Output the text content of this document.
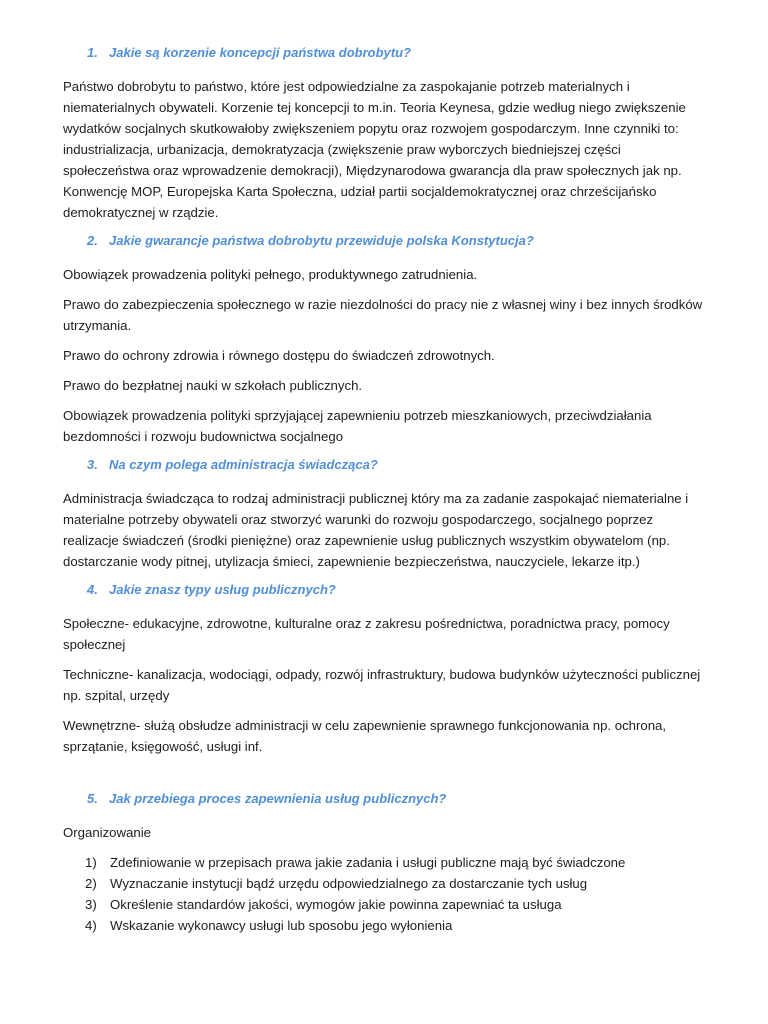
1. Jakie są korzenie koncepcji państwa dobrobytu?

Państwo dobrobytu to państwo, które jest odpowiedzialne za zaspokajanie potrzeb materialnych i niematerialnych obywateli. Korzenie tej koncepcji to m.in. Teoria Keynesa, gdzie według niego zwiększenie wydatków socjalnych skutkowałoby zwiększeniem popytu oraz rozwojem gospodarczym. Inne czynniki to: industrializacja, urbanizacja, demokratyzacja (zwiększenie praw wyborczych biedniejszej części społeczeństwa oraz wprowadzenie demokracji), Międzynarodowa gwarancja dla praw społecznych jak np. Konwencję MOP, Europejska Karta Społeczna, udział partii socjaldemokratycznej oraz chrześcijańsko demokratycznej w rządzie.

2. Jakie gwarancje państwa dobrobytu przewiduje polska Konstytucja?

Obowiązek prowadzenia polityki pełnego, produktywnego zatrudnienia.

Prawo do zabezpieczenia społecznego w razie niezdolności do pracy nie z własnej winy i bez innych środków utrzymania.

Prawo do ochrony zdrowia i równego dostępu do świadczeń zdrowotnych.

Prawo do bezpłatnej nauki w szkołach publicznych.

Obowiązek prowadzenia polityki sprzyjającej zapewnieniu potrzeb mieszkaniowych, przeciwdziałania bezdomności i rozwoju budownictwa socjalnego

3. Na czym polega administracja świadcząca?

Administracja świadcząca to rodzaj administracji publicznej który ma za zadanie zaspokajać niematerialne i materialne potrzeby obywateli oraz stworzyć warunki do rozwoju gospodarczego, socjalnego poprzez realizacje świadczeń (środki pieniężne) oraz zapewnienie usług publicznych wszystkim obywatelom (np. dostarczanie wody pitnej, utylizacja śmieci, zapewnienie bezpieczeństwa, nauczyciele, lekarze itp.)

4. Jakie znasz typy usług publicznych?

Społeczne- edukacyjne, zdrowotne, kulturalne oraz z zakresu pośrednictwa, poradnictwa pracy, pomocy społecznej

Techniczne- kanalizacja, wodociągi, odpady, rozwój infrastruktury, budowa budynków użyteczności publicznej np. szpital, urzędy

Wewnętrzne- służą obsłudze administracji w celu zapewnienie sprawnego funkcjonowania np. ochrona, sprzątanie, księgowość, usługi inf.

5. Jak przebiega proces zapewnienia usług publicznych?

Organizowanie

1) Zdefiniowanie w przepisach prawa jakie zadania i usługi publiczne mają być świadczone
2) Wyznaczanie instytucji bądź urzędu odpowiedzialnego za dostarczanie tych usług
3) Określenie standardów jakości, wymogów jakie powinna zapewniać ta usługa
4) Wskazanie wykonawcy usługi lub sposobu jego wyłonienia
